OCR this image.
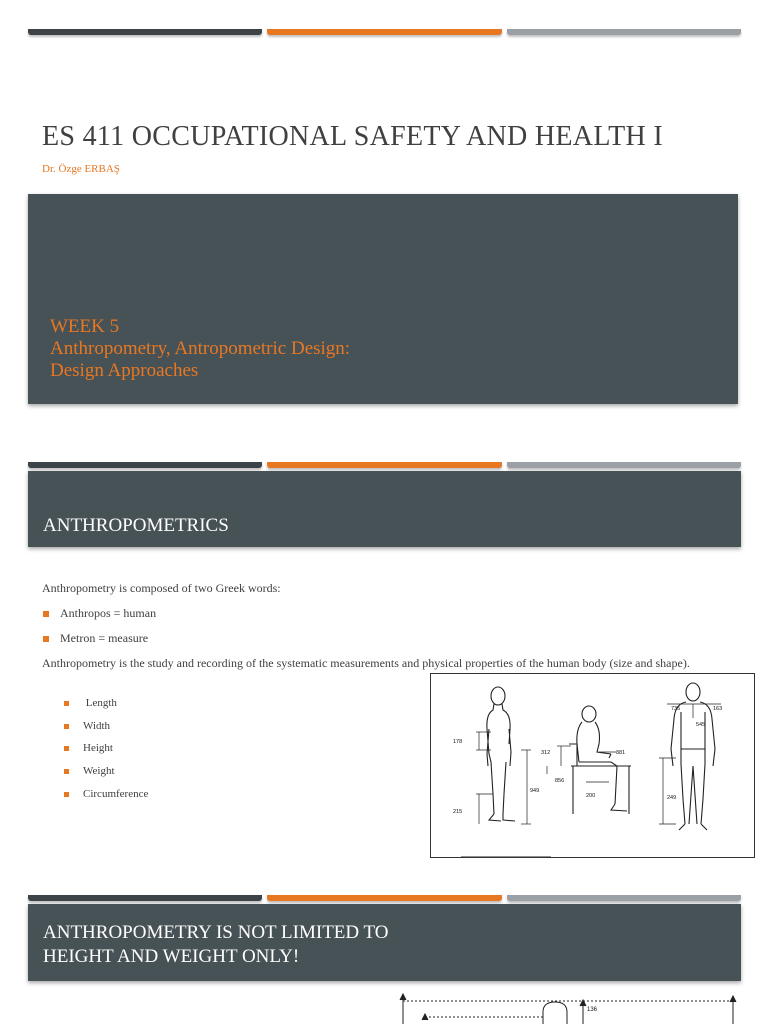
ES 411 OCCUPATIONAL SAFETY AND HEALTH I
Dr. Özge ERBAŞ
WEEK 5
Anthropometry, Antropometric Design:
Design Approaches
ANTHROPOMETRICS
Anthropometry is composed of two Greek words:
Anthropos = human
Metron = measure
Anthropometry is the study and recording of the systematic measurements and physical properties of the human body (size and shape).
Length
Width
Height
Weight
Circumference
178
215
949
312	381
856
200
735	163
545
249
ANTHROPOMETRY IS NOT LIMITED TO
HEIGHT AND WEIGHT ONLY!
136
